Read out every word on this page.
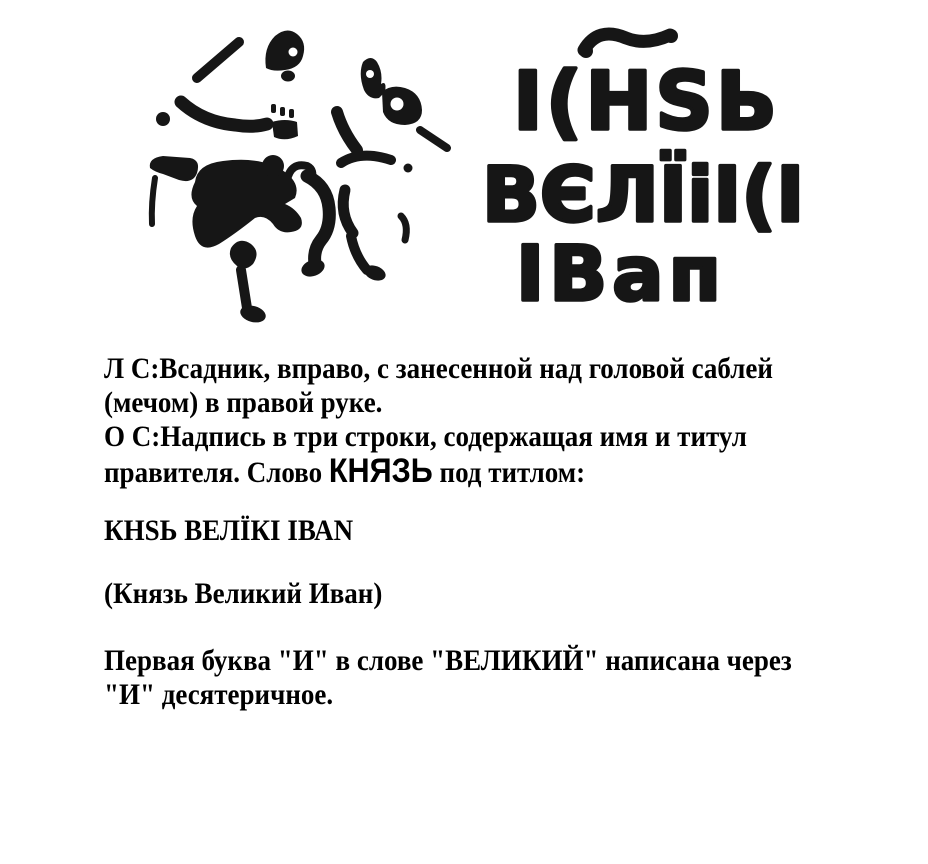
І(НЅЬ
ВЄЛЇіІ(І
ІВап

Л С:Всадник, вправо, с занесенной над головой саблей

(мечом) в правой руке.

О С:Надпись в три строки, содержащая имя и титул

правителя. Слово КНЯЗЬ под титлом:

КНЅЬ ВЕЛЇКІ ІВАN

(Князь Великий Иван)

Первая буква "И" в слове "ВЕЛИКИЙ" написана через

"И" десятеричное.
